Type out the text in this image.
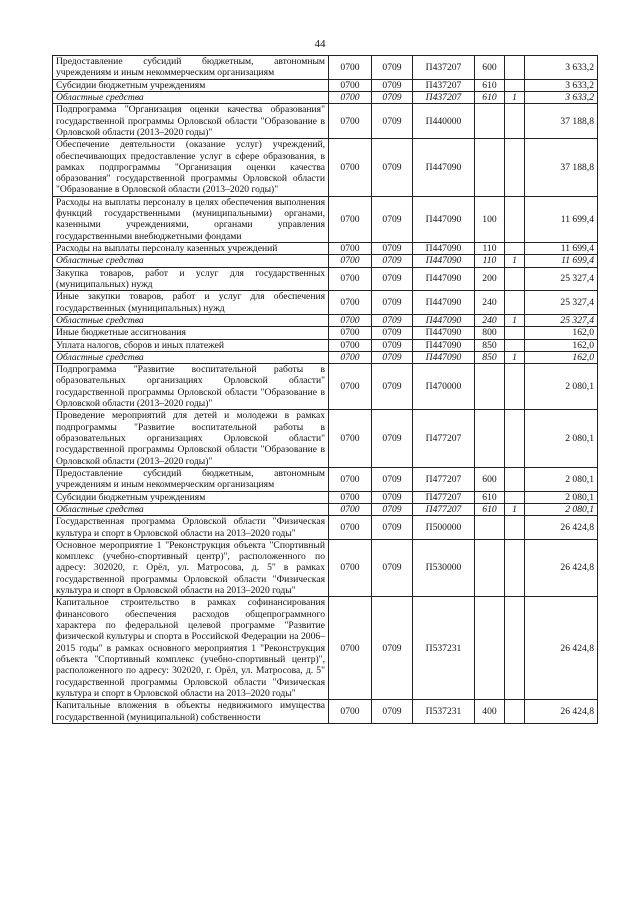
44
Предоставление субсидий бюджетным, автономным учреждениям и иным некоммерческим организациям	0700	0709	П437207	600		3 633,2
Субсидии бюджетным учреждениям	0700	0709	П437207	610		3 633,2
Областные средства	0700	0709	П437207	610	1	3 633,2
Подпрограмма "Организация оценки качества образования" государственной программы Орловской области "Образование в Орловской области (2013–2020 годы)"	0700	0709	П440000			37 188,8
Обеспечение деятельности (оказание услуг) учреждений, обеспечивающих предоставление услуг в сфере образования, в рамках подпрограммы "Организация оценки качества образования" государственной программы Орловской области "Образование в Орловской области (2013–2020 годы)"	0700	0709	П447090			37 188,8
Расходы на выплаты персоналу в целях обеспечения выполнения функций государственными (муниципальными) органами, казенными учреждениями, органами управления государственными внебюджетными фондами	0700	0709	П447090	100		11 699,4
Расходы на выплаты персоналу казенных учреждений	0700	0709	П447090	110		11 699,4
Областные средства	0700	0709	П447090	110	1	11 699,4
Закупка товаров, работ и услуг для государственных (муниципальных) нужд	0700	0709	П447090	200		25 327,4
Иные закупки товаров, работ и услуг для обеспечения государственных (муниципальных) нужд	0700	0709	П447090	240		25 327,4
Областные средства	0700	0709	П447090	240	1	25 327,4
Иные бюджетные ассигнования	0700	0709	П447090	800		162,0
Уплата налогов, сборов и иных платежей	0700	0709	П447090	850		162,0
Областные средства	0700	0709	П447090	850	1	162,0
Подпрограмма "Развитие воспитательной работы в образовательных организациях Орловской области" государственной программы Орловской области "Образование в Орловской области (2013–2020 годы)"	0700	0709	П470000			2 080,1
Проведение мероприятий для детей и молодежи в рамках подпрограммы "Развитие воспитательной работы в образовательных организациях Орловской области" государственной программы Орловской области "Образование в Орловской области (2013–2020 годы)"	0700	0709	П477207			2 080,1
Предоставление субсидий бюджетным, автономным учреждениям и иным некоммерческим организациям	0700	0709	П477207	600		2 080,1
Субсидии бюджетным учреждениям	0700	0709	П477207	610		2 080,1
Областные средства	0700	0709	П477207	610	1	2 080,1
Государственная программа Орловской области "Физическая культура и спорт в Орловской области на 2013–2020 годы"	0700	0709	П500000			26 424,8
Основное мероприятие 1 "Реконструкция объекта "Спортивный комплекс (учебно-спортивный центр)", расположенного по адресу: 302020, г. Орёл, ул. Матросова, д. 5" в рамках государственной программы Орловской области "Физическая культура и спорт в Орловской области на 2013–2020 годы"	0700	0709	П530000			26 424,8
Капитальное строительство в рамках софинансирования финансового обеспечения расходов общепрограммного характера по федеральной целевой программе "Развитие физической культуры и спорта в Российской Федерации на 2006–2015 годы" в рамках основного мероприятия 1 "Реконструкция объекта "Спортивный комплекс (учебно-спортивный центр)", расположенного по адресу: 302020, г. Орёл, ул. Матросова, д. 5" государственной программы Орловской области "Физическая культура и спорт в Орловской области на 2013–2020 годы"	0700	0709	П537231			26 424,8
Капитальные вложения в объекты недвижимого имущества государственной (муниципальной) собственности	0700	0709	П537231	400		26 424,8
